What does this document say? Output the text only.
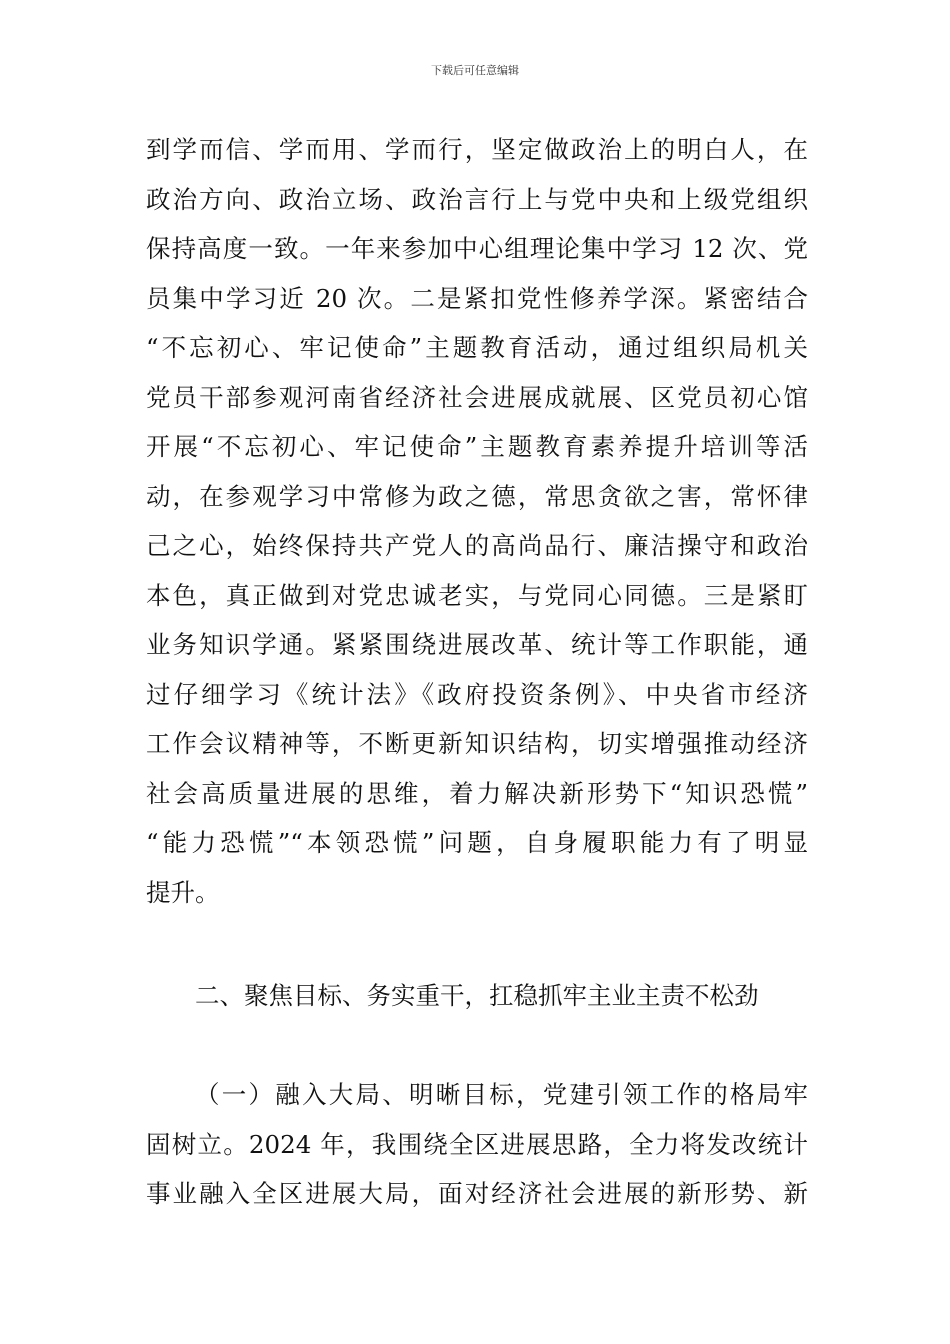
下载后可任意编辑
到学而信、学而用、学而行，坚定做政治上的明白人，在
政治方向、政治立场、政治言行上与党中央和上级党组织
保持高度一致。一年来参加中心组理论集中学习 12 次、党
员集中学习近 20 次。二是紧扣党性修养学深。紧密结合
“不忘初心、牢记使命”主题教育活动，通过组织局机关
党员干部参观河南省经济社会进展成就展、区党员初心馆
开展“不忘初心、牢记使命”主题教育素养提升培训等活
动，在参观学习中常修为政之德，常思贪欲之害，常怀律
己之心，始终保持共产党人的高尚品行、廉洁操守和政治
本色，真正做到对党忠诚老实，与党同心同德。三是紧盯
业务知识学通。紧紧围绕进展改革、统计等工作职能，通
过仔细学习《统计法》《政府投资条例》、中央省市经济
工作会议精神等，不断更新知识结构，切实增强推动经济
社会高质量进展的思维，着力解决新形势下“知识恐慌”
“能力恐慌”“本领恐慌”问题，自身履职能力有了明显
提升。
二、聚焦目标、务实重干，扛稳抓牢主业主责不松劲
（一）融入大局、明晰目标，党建引领工作的格局牢
固树立。2024 年，我围绕全区进展思路，全力将发改统计
事业融入全区进展大局，面对经济社会进展的新形势、新
